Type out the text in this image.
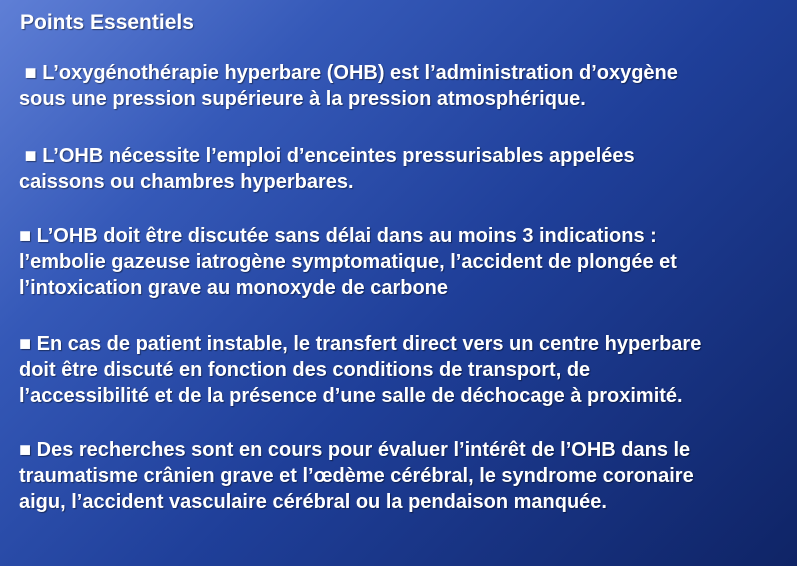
Points Essentiels
■ L’oxygénothérapie hyperbare (OHB) est l’administration d’oxygène
sous une pression supérieure à la pression atmosphérique.
■ L’OHB nécessite l’emploi d’enceintes pressurisables appelées
caissons ou chambres hyperbares.
■ L’OHB doit être discutée sans délai dans au moins 3 indications :
l’embolie gazeuse iatrogène symptomatique, l’accident de plongée et
l’intoxication grave au monoxyde de carbone
■ En cas de patient instable, le transfert direct vers un centre hyperbare
doit être discuté en fonction des conditions de transport, de
l’accessibilité et de la présence d’une salle de déchocage à proximité.
■ Des recherches sont en cours pour évaluer l’intérêt de l’OHB dans le
traumatisme crânien grave et l’œdème cérébral, le syndrome coronaire
aigu, l’accident vasculaire cérébral ou la pendaison manquée.
